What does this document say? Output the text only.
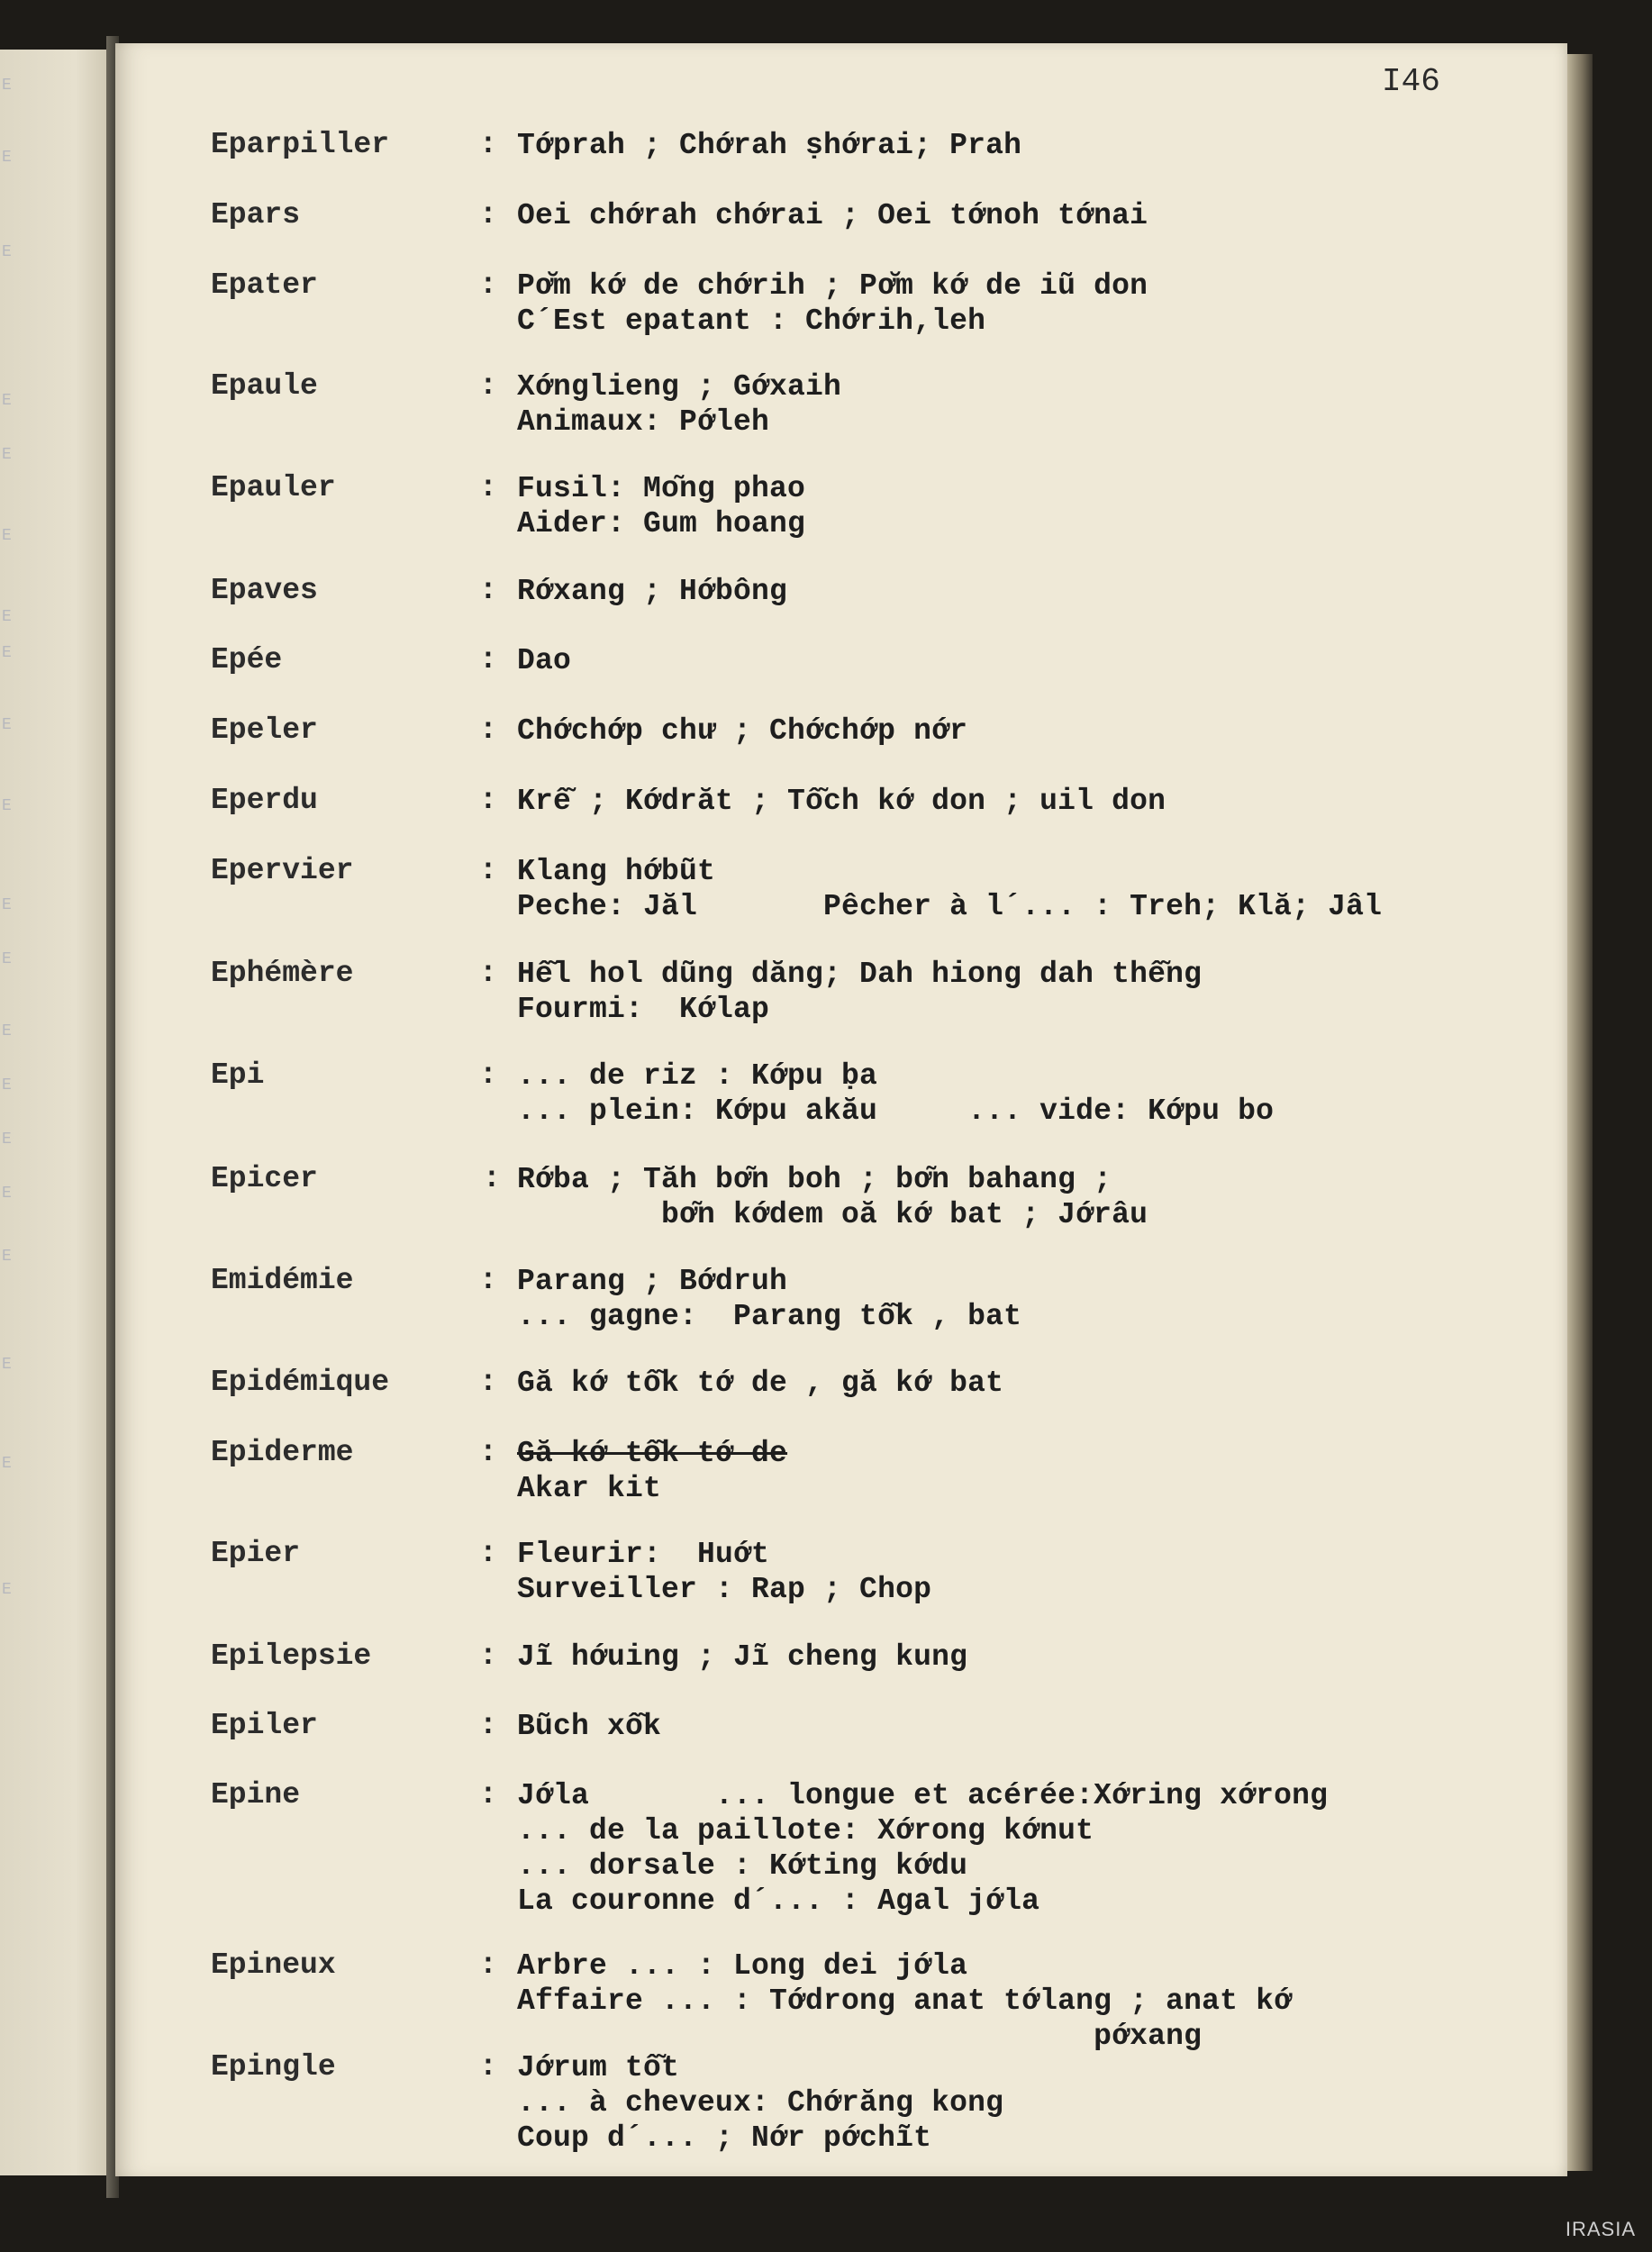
E
E
E
E
E
E
E
E
E
E
E
E
E
E
E
E
E
E
E
E
I46
Eparpiller	: Tớprah ; Chớrah ṣhớrai; Prah
Epars	: Oei chớrah chớrai ; Oei tớnoh tớnai
Epater	: Pơ̆m kớ de chớrih ; Pơ̆m kớ de iũ don
C´Est epatant : Chớrih,leh
Epaule	: Xớnglieng ; Gớxaih
Animaux: Pớleh
Epauler	: Fusil: Mo͂ng phao
Aider: Gum hoang
Epaves	: Rớxang ; Hớbông
Epée	: Dao
Epeler	: Chớchớp chư ; Chớchớp nớr
Eperdu	: Krê͂ ; Kớdrăt ; Tô͂ch kớ don ; uil don
Epervier	: Klang hớbũt
Peche: Jăl       Pêcher à l´... : Treh; Klă; Jâl
Ephémère	: Hê͂l hol dũng dăng; Dah hiong dah thê͂ng
Fourmi:  Kớlap
Epi	: ... de riz : Kớpu ḅa
... plein: Kớpu akău     ... vide: Kớpu bo
Epicer	: Rớba ; Tăh bơ͂n boh ; bơ͂n bahang ;
bơ͂n kớdem oă kớ bat ; Jớrâu
Emidémie	: Parang ; Bớdruh
... gagne:  Parang tô͂k , bat
Epidémique	: Gă kớ tô͂k tớ de , gă kớ bat
Epiderme	: Gă kớ tô͂k tớ de
Akar kit
Epier	: Fleurir:  Huớt
Surveiller : Rap ; Chop
Epilepsie	: Jĩ hớuing ; Jĩ cheng kung
Epiler	: Bũch xô͂k
Epine	: Jớla       ... longue et acérée:Xớring xớrong
... de la paillote: Xớrong kớnut
... dorsale : Kớting kớdu
La couronne d´... : Agal jớla
Epineux	: Arbre ... : Long dei jớla
Affaire ... : Tớdrong anat tớlang ; anat kớ
pớxang
Epingle	: Jớrum tô͂t
... à cheveux: Chớrăng kong
Coup d´... ; Nớr pớchĩt
IRASIA
